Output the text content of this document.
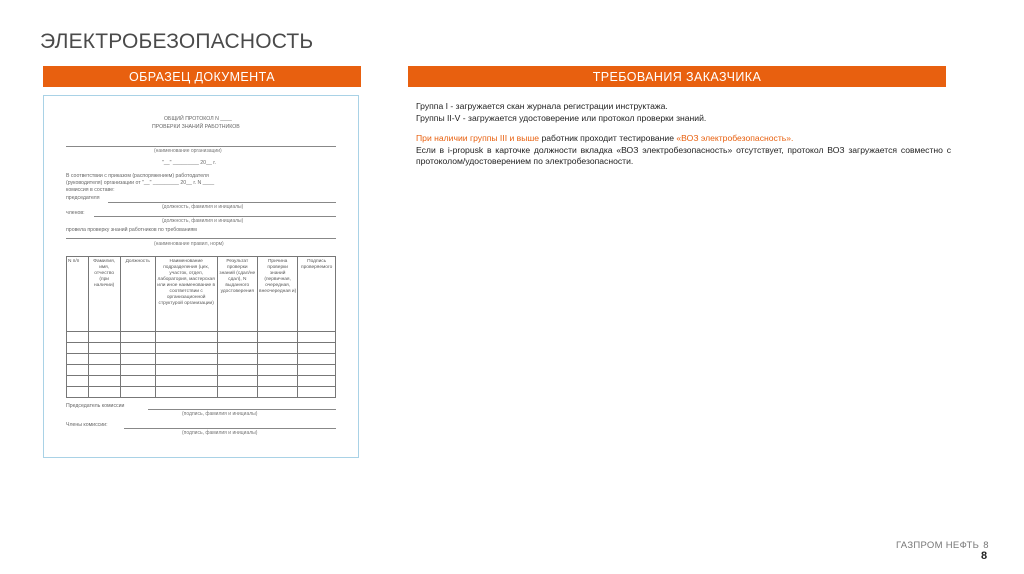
ЭЛЕКТРОБЕЗОПАСНОСТЬ
ОБРАЗЕЦ ДОКУМЕНТА	ТРЕБОВАНИЯ ЗАКАЗЧИКА
ОБЩИЙ ПРОТОКОЛ N ____
ПРОВЕРКИ ЗНАНИЙ РАБОТНИКОВ
(наименование организации)
"__" _________ 20__ г.
В соответствии с приказом (распоряжением) работодателя
(руководителя) организации от "__" _________ 20__ г. N ____
комиссия в составе:
председателя
(должность, фамилия и инициалы)
членов:
(должность, фамилия и инициалы)
провела проверку знаний работников по требованиям
(наименование правил, норм)
N п/п	Фамилия, имя, отчество (при наличии)	Должность	Наименование подразделения (цех, участок, отдел, лаборатория, мастерская или иное наименование в соответствии с организационной структурой организации)	Результат проверки знаний (сдал/не сдал), N выданного удостоверения	Причина проверки знаний (первичная, очередная, внеочередная и)	Подпись проверяемого

Председатель комиссии
(подпись, фамилия и инициалы)
Члены комиссии:
(подпись, фамилия и инициалы)

Группа I - загружается скан журнала регистрации инструктажа.

Группы II-V - загружается удостоверение или протокол проверки знаний.

При наличии группы III и выше работник проходит тестирование «ВОЗ электробезопасность».

Если в i-propusk в карточке должности вкладка «ВОЗ электробезопасность» отсутствует, протокол ВОЗ загружается совместно с протоколом/удостоверением по электробезопасности.

ГАЗПРОМ НЕФТЬ 8
8
